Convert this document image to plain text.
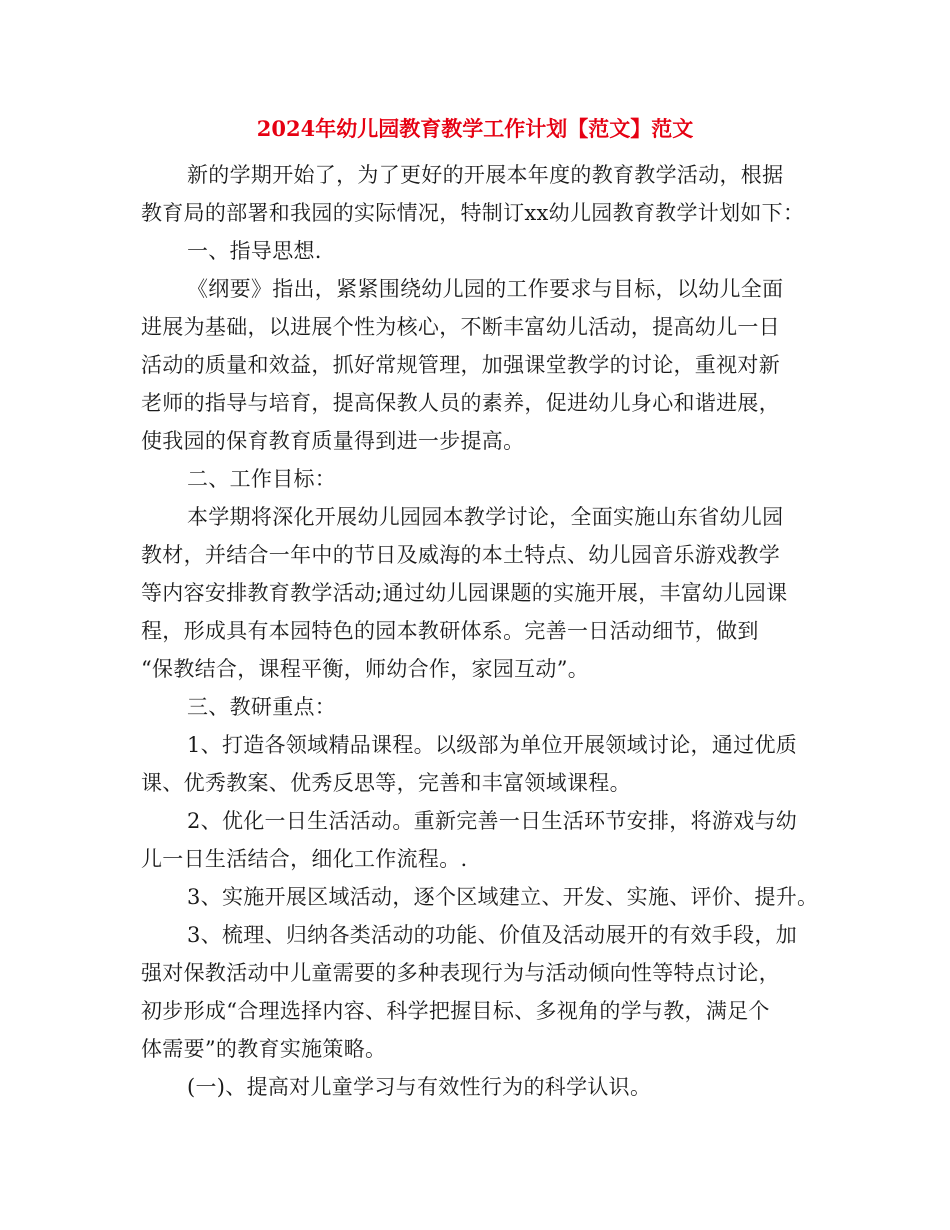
2024年幼儿园教育教学工作计划【范文】范文
新的学期开始了，为了更好的开展本年度的教育教学活动，根据
教育局的部署和我园的实际情况，特制订xx幼儿园教育教学计划如下：
一、指导思想.
《纲要》指出，紧紧围绕幼儿园的工作要求与目标，以幼儿全面
进展为基础，以进展个性为核心，不断丰富幼儿活动，提高幼儿一日
活动的质量和效益，抓好常规管理，加强课堂教学的讨论，重视对新
老师的指导与培育，提高保教人员的素养，促进幼儿身心和谐进展，
使我园的保育教育质量得到进一步提高。
二、工作目标：
本学期将深化开展幼儿园园本教学讨论，全面实施山东省幼儿园
教材，并结合一年中的节日及威海的本土特点、幼儿园音乐游戏教学
等内容安排教育教学活动;通过幼儿园课题的实施开展，丰富幼儿园课
程，形成具有本园特色的园本教研体系。完善一日活动细节，做到
“保教结合，课程平衡，师幼合作，家园互动”。
三、教研重点：
1、打造各领域精品课程。以级部为单位开展领域讨论，通过优质
课、优秀教案、优秀反思等，完善和丰富领域课程。
2、优化一日生活活动。重新完善一日生活环节安排，将游戏与幼
儿一日生活结合，细化工作流程。.
3、实施开展区域活动，逐个区域建立、开发、实施、评价、提升。
3、梳理、归纳各类活动的功能、价值及活动展开的有效手段，加
强对保教活动中儿童需要的多种表现行为与活动倾向性等特点讨论，
初步形成“合理选择内容、科学把握目标、多视角的学与教，满足个
体需要”的教育实施策略。
(一)、提高对儿童学习与有效性行为的科学认识。
